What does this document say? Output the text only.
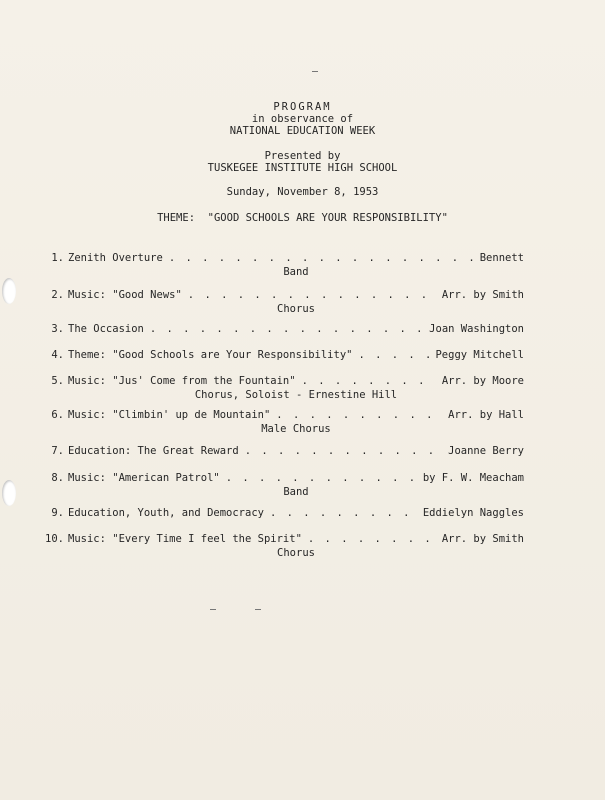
PROGRAM
in observance of
NATIONAL EDUCATION WEEK
Presented by
TUSKEGEE INSTITUTE HIGH SCHOOL
Sunday, November 8, 1953
THEME:  "GOOD SCHOOLS ARE YOUR RESPONSIBILITY"
1. Zenith Overture . . .	Bennett
Band
2. Music: "Good News" . . .	Arr. by Smith
Chorus
3. The Occasion . . .	Joan Washington
4. Theme: "Good Schools are Your Responsibility" . . .	Peggy Mitchell
5. Music: "Jus' Come from the Fountain" . . .	Arr. by Moore
Chorus, Soloist - Ernestine Hill
6. Music: "Climbin' up de Mountain" . . .	Arr. by Hall
Male Chorus
7. Education: The Great Reward . . .	Joanne Berry
8. Music: "American Patrol" . . .	by F. W. Meacham
Band
9. Education, Youth, and Democracy . . .	Eddielyn Naggles
10. Music: "Every Time I feel the Spirit" . . .	Arr. by Smith
Chorus
